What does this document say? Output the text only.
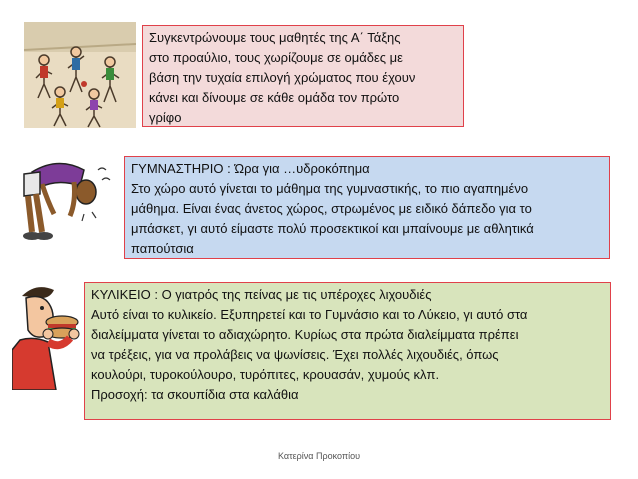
Συγκεντρώνουμε τους μαθητές της Α΄ Τάξης
στο προαύλιο, τους χωρίζουμε σε ομάδες με
βάση την τυχαία επιλογή χρώματος που έχουν
κάνει και δίνουμε σε κάθε ομάδα τον πρώτο
γρίφο
ΓΥΜΝΑΣΤΗΡΙΟ : Ώρα για …υδροκόπημα
Στο χώρο αυτό γίνεται το μάθημα της γυμναστικής, το πιο αγαπημένο
μάθημα. Είναι ένας άνετος χώρος, στρωμένος με ειδικό δάπεδο για το
μπάσκετ, γι αυτό είμαστε πολύ προσεκτικοί και μπαίνουμε με αθλητικά
παπούτσια
ΚΥΛΙΚΕΙΟ : Ο γιατρός της πείνας με τις υπέροχες λιχουδιές
Αυτό είναι το κυλικείο. Εξυπηρετεί και το Γυμνάσιο και το Λύκειο, γι αυτό στα
διαλείμματα γίνεται το αδιαχώρητο. Κυρίως στα πρώτα διαλείμματα πρέπει
να τρέξεις, για να προλάβεις να ψωνίσεις. Έχει πολλές λιχουδιές, όπως
κουλούρι, τυροκούλουρο, τυρόπιτες, κρουασάν, χυμούς κλπ.
Προσοχή: τα σκουπίδια στα καλάθια
Κατερίνα Προκοπίου
